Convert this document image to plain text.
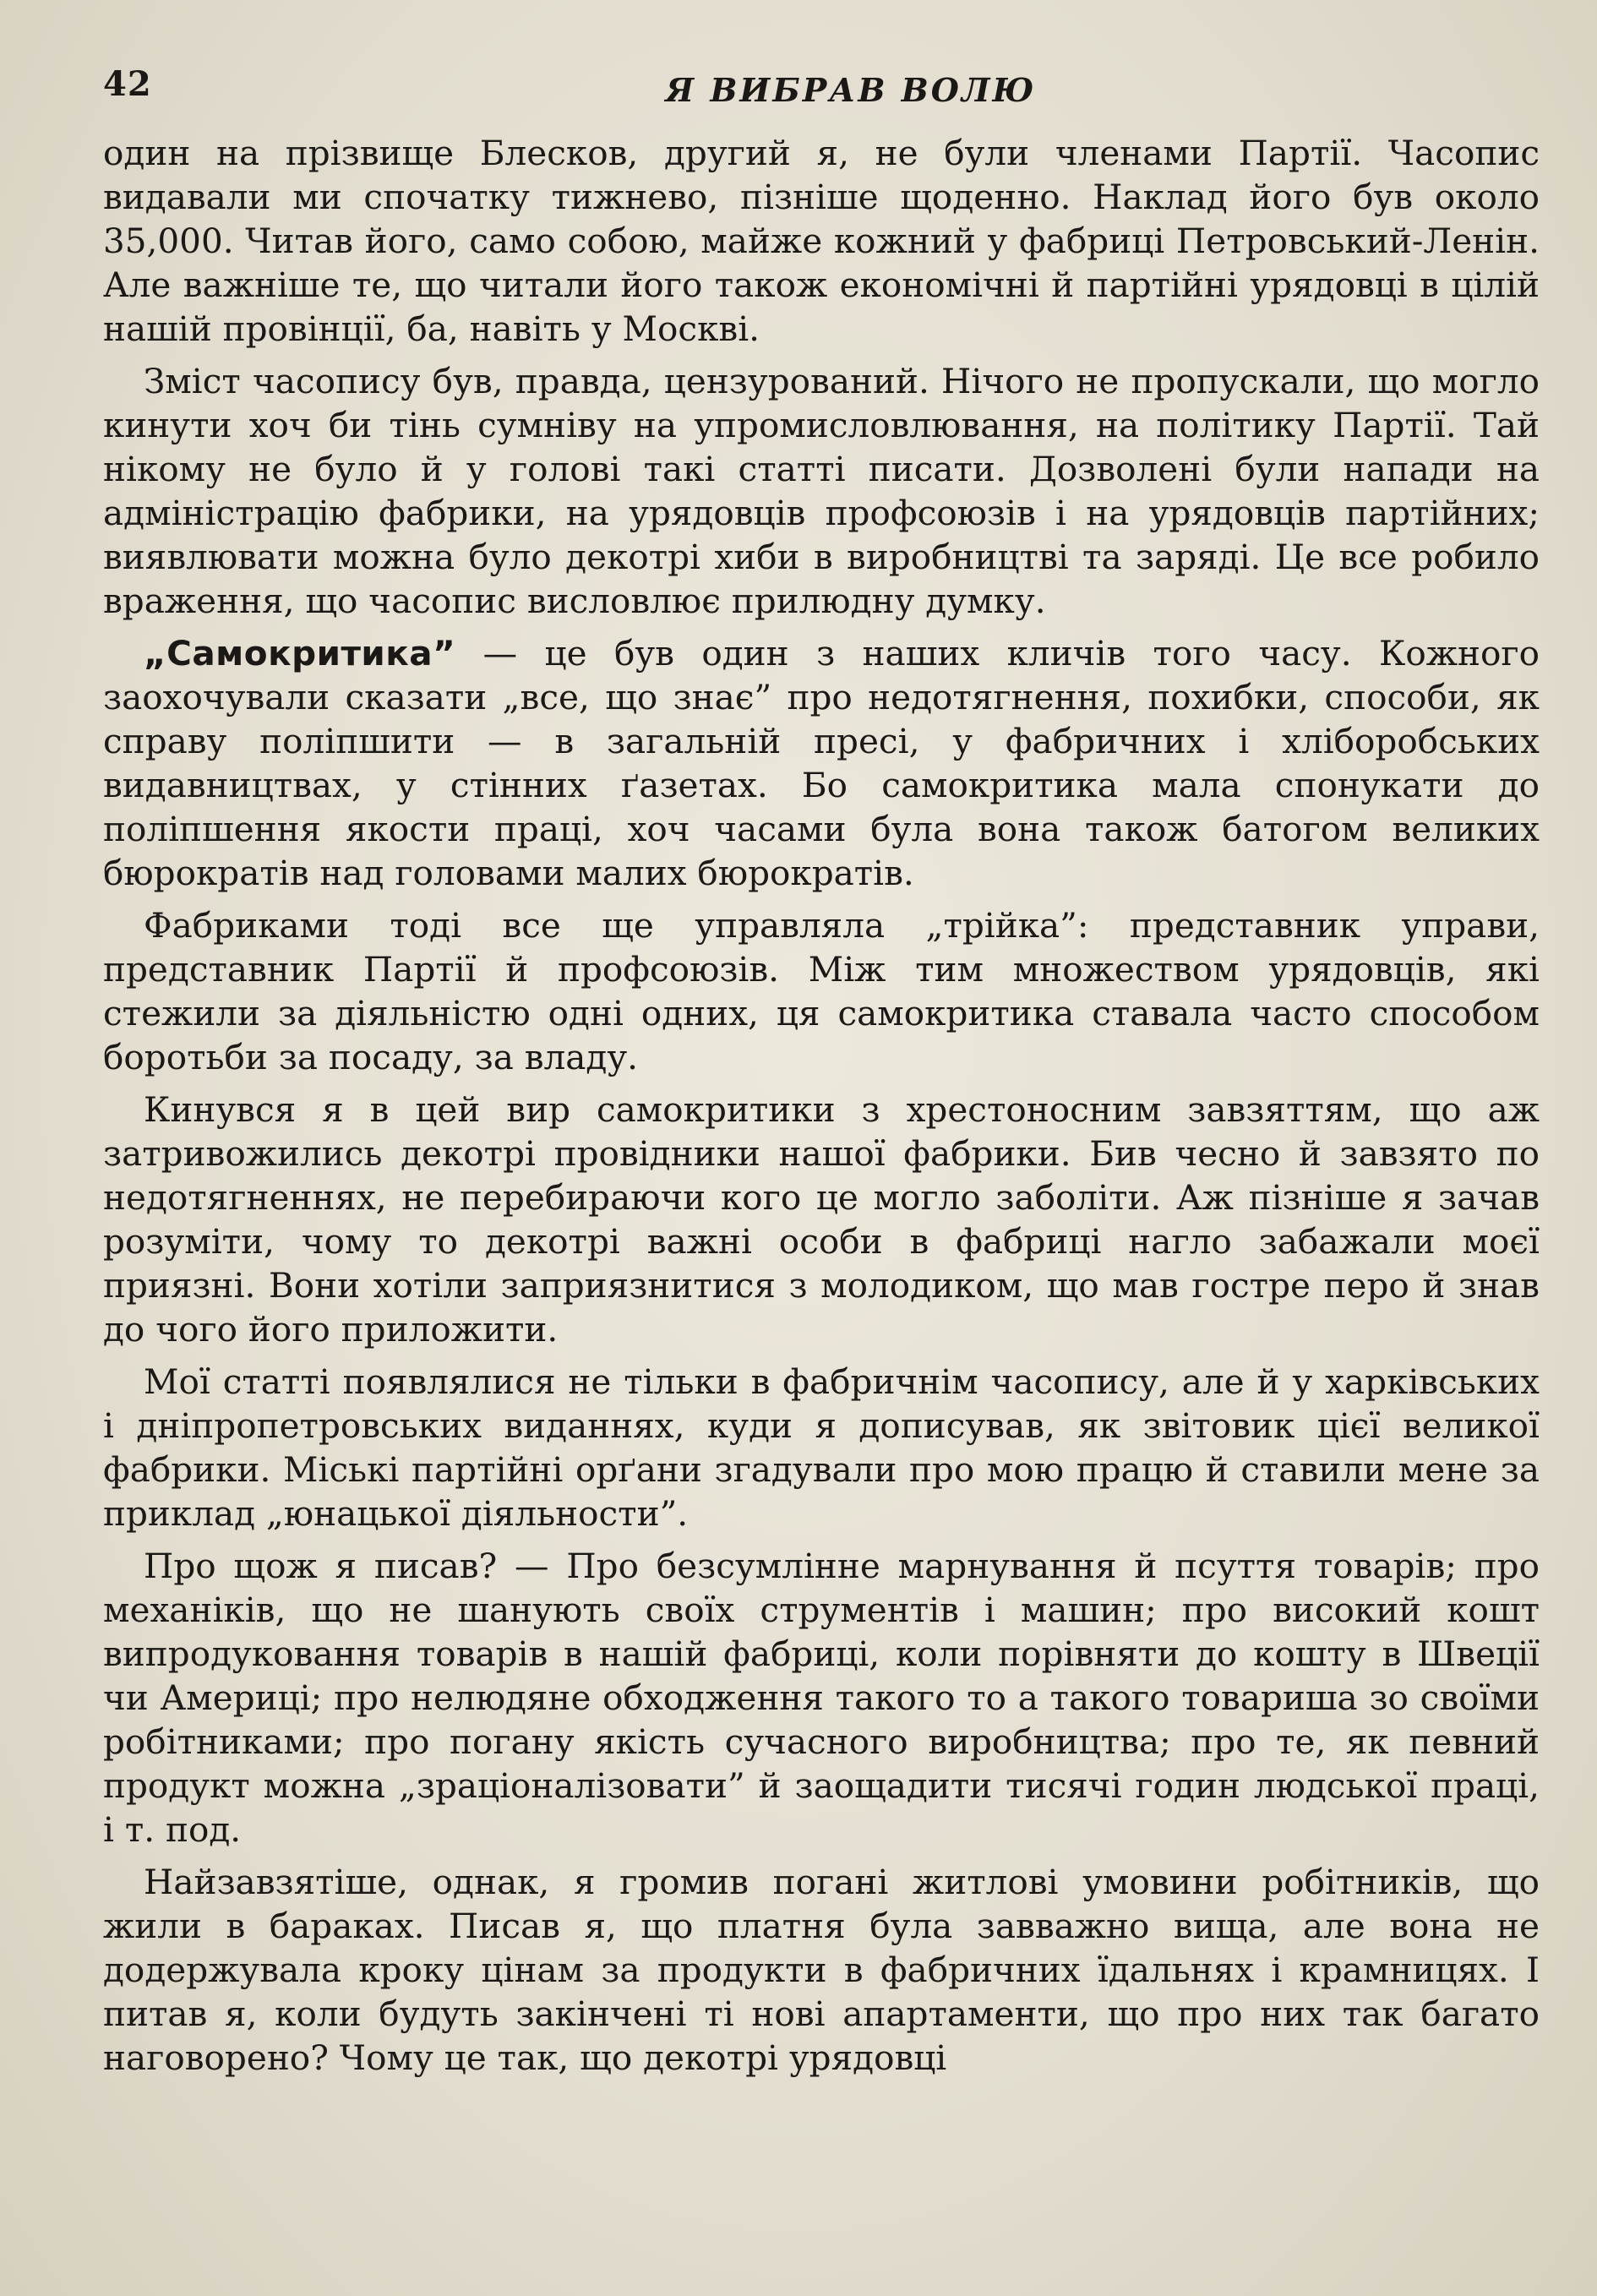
42	Я ВИБРАВ ВОЛЮ

один на прізвище Блесков, другий я, не були членами Партії. Часопис видавали ми спочатку тижнево, пізніше щоденно. Наклад його був около 35,000. Читав його, само собою, майже кожний у фабриці Петровський-Ленін. Але важніше те, що читали його також економічні й партійні урядовці в цілій нашій провінції, ба, навіть у Москві.

Зміст часопису був, правда, цензурований. Нічого не пропускали, що могло кинути хоч би тінь сумніву на упромисловлювання, на політику Партії. Тай нікому не було й у голові такі статті писати. Дозволені були напади на адміністрацію фабрики, на урядовців профсоюзів і на урядовців партійних; виявлювати можна було декотрі хиби в виробництві та заряді. Це все робило враження, що часопис висловлює прилюдну думку.

„Самокритика” — це був один з наших кличів того часу. Кожного заохочували сказати „все, що знає” про недотягнення, похибки, способи, як справу поліпшити — в загальній пресі, у фабричних і хліборобських видавництвах, у стінних ґазетах. Бо самокритика мала спонукати до поліпшення якости праці, хоч часами була вона також батогом великих бюрократів над головами малих бюрократів.

Фабриками тоді все ще управляла „трійка”: представник управи, представник Партії й профсоюзів. Між тим множеством урядовців, які стежили за діяльністю одні одних, ця самокритика ставала часто способом боротьби за посаду, за владу.

Кинувся я в цей вир самокритики з хрестоносним завзяттям, що аж затривожились декотрі провідники нашої фабрики. Бив чесно й завзято по недотягненнях, не перебираючи кого це могло заболіти. Аж пізніше я зачав розуміти, чому то декотрі важні особи в фабриці нагло забажали моєї приязні. Вони хотіли заприязнитися з молодиком, що мав гостре перо й знав до чого його приложити.

Мої статті появлялися не тільки в фабричнім часопису, але й у харківських і дніпропетровських виданнях, куди я дописував, як звітовик цієї великої фабрики. Міські партійні орґани згадували про мою працю й ставили мене за приклад „юнацької діяльности”.

Про щож я писав? — Про безсумлінне марнування й псуття товарів; про механіків, що не шанують своїх струментів і машин; про високий кошт випродуковання товарів в нашій фабриці, коли порівняти до кошту в Швеції чи Америці; про нелюдяне обходження такого то а такого товариша зо своїми робітниками; про погану якість сучасного виробництва; про те, як певний продукт можна „зраціоналізовати” й заощадити тисячі годин людської праці, і т. под.

Найзавзятіше, однак, я громив погані житлові умовини робітників, що жили в бараках. Писав я, що платня була завважно вища, але вона не додержувала кроку цінам за продукти в фабричних їдальнях і крамницях. І питав я, коли будуть закінчені ті нові апартаменти, що про них так багато наговорено? Чому це так, що декотрі урядовці
